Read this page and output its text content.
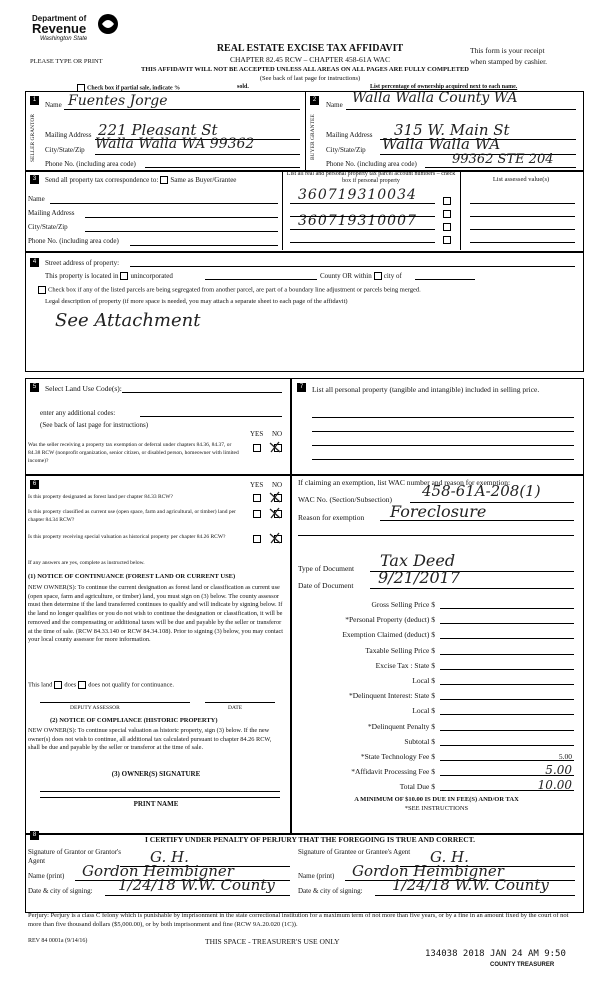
Department of
Revenue
Washington State
REAL ESTATE EXCISE TAX AFFIDAVIT
CHAPTER 82.45 RCW – CHAPTER 458-61A WAC
PLEASE TYPE OR PRINT
This form is your receipt
when stamped by cashier.
THIS AFFIDAVIT WILL NOT BE ACCEPTED UNLESS ALL AREAS ON ALL PAGES ARE FULLY COMPLETED
(See back of last page for instructions)
Check box if partial sale, indicate %	sold.	List percentage of ownership acquired next to each name.
1
SELLER GRANTOR
Name Fuentes Jorge
Mailing Address 221 Pleasant St
City/State/Zip Walla Walla WA 99362
Phone No. (including area code)
2
BUYER GRANTEE
Name Walla Walla County WA
Mailing Address 315 W. Main St
City/State/Zip Walla Walla WA
Phone No. (including area code)	99362 STE 204
3	Send all property tax correspondence to: Same as Buyer/Grantee
Name
Mailing Address
City/State/Zip
Phone No. (including area code)
List all real and personal property tax parcel account numbers – check box if personal property	List assessed value(s)
360719310034
360719310007
4	Street address of property:
This property is located in unincorporated	County OR within city of
Check box if any of the listed parcels are being segregated from another parcel, are part of a boundary line adjustment or parcels being merged.
Legal description of property (if more space is needed, you may attach a separate sheet to each page of the affidavit)
See Attachment
5	Select Land Use Code(s):
enter any additional codes:
(See back of last page for instructions)
YES NO
Was the seller receiving a property tax exemption or deferral under chapters 84.36, 84.37, or 84.38 RCW (nonprofit organization, senior citizen, or disabled person, homeowner with limited income)?
7	List all personal property (tangible and intangible) included in selling price.
6	YES NO
Is this property designated as forest land per chapter 84.33 RCW?
Is this property classified as current use (open space, farm and agricultural, or timber) land per chapter 84.34 RCW?
Is this property receiving special valuation as historical property per chapter 84.26 RCW?
If any answers are yes, complete as instructed below.
(1) NOTICE OF CONTINUANCE (FOREST LAND OR CURRENT USE)
NEW OWNER(S): To continue the current designation as forest land or classification as current use (open space, farm and agriculture, or timber) land, you must sign on (3) below. The county assessor must then determine if the land transferred continues to qualify and will indicate by signing below. If the land no longer qualifies or you do not wish to continue the designation or classification, it will be removed and the compensating or additional taxes will be due and payable by the seller or transferor at the time of sale. (RCW 84.33.140 or RCW 84.34.108). Prior to signing (3) below, you may contact your local county assessor for more information.
This land does does not qualify for continuance.
DEPUTY ASSESSOR	DATE
(2) NOTICE OF COMPLIANCE (HISTORIC PROPERTY)
NEW OWNER(S): To continue special valuation as historic property, sign (3) below. If the new owner(s) does not wish to continue, all additional tax calculated pursuant to chapter 84.26 RCW, shall be due and payable by the seller or transferor at the time of sale.
(3) OWNER(S) SIGNATURE
PRINT NAME
If claiming an exemption, list WAC number and reason for exemption:
WAC No. (Section/Subsection) 458-61A-208(1)
Reason for exemption Foreclosure
Type of Document Tax Deed
Date of Document 9/21/2017
Gross Selling Price $
*Personal Property (deduct) $
Exemption Claimed (deduct) $
Taxable Selling Price $
Excise Tax : State $
Local $
*Delinquent Interest: State $
Local $
*Delinquent Penalty $
Subtotal $
*State Technology Fee $	5.00
*Affidavit Processing Fee $	5.00
Total Due $	10.00
A MINIMUM OF $10.00 IS DUE IN FEE(S) AND/OR TAX
*SEE INSTRUCTIONS
8	I CERTIFY UNDER PENALTY OF PERJURY THAT THE FOREGOING IS TRUE AND CORRECT.
Signature of Grantor or Grantor's Agent	G. H.
Name (print) Gordon Heimbigner
Date & city of signing: 1/24/18 W.W. County
Signature of Grantee or Grantee's Agent	G. H.
Name (print) Gordon Heimbigner
Date & city of signing: 1/24/18 W.W. County
Perjury: Perjury is a class C felony which is punishable by imprisonment in the state correctional institution for a maximum term of not more than five years, or by a fine in an amount fixed by the court of not more than five thousand dollars ($5,000.00), or by both imprisonment and fine (RCW 9A.20.020 (1C)).
REV 84 0001a (9/14/16)	THIS SPACE - TREASURER'S USE ONLY
134038 2018 JAN 24 AM 9:50
COUNTY TREASURER
